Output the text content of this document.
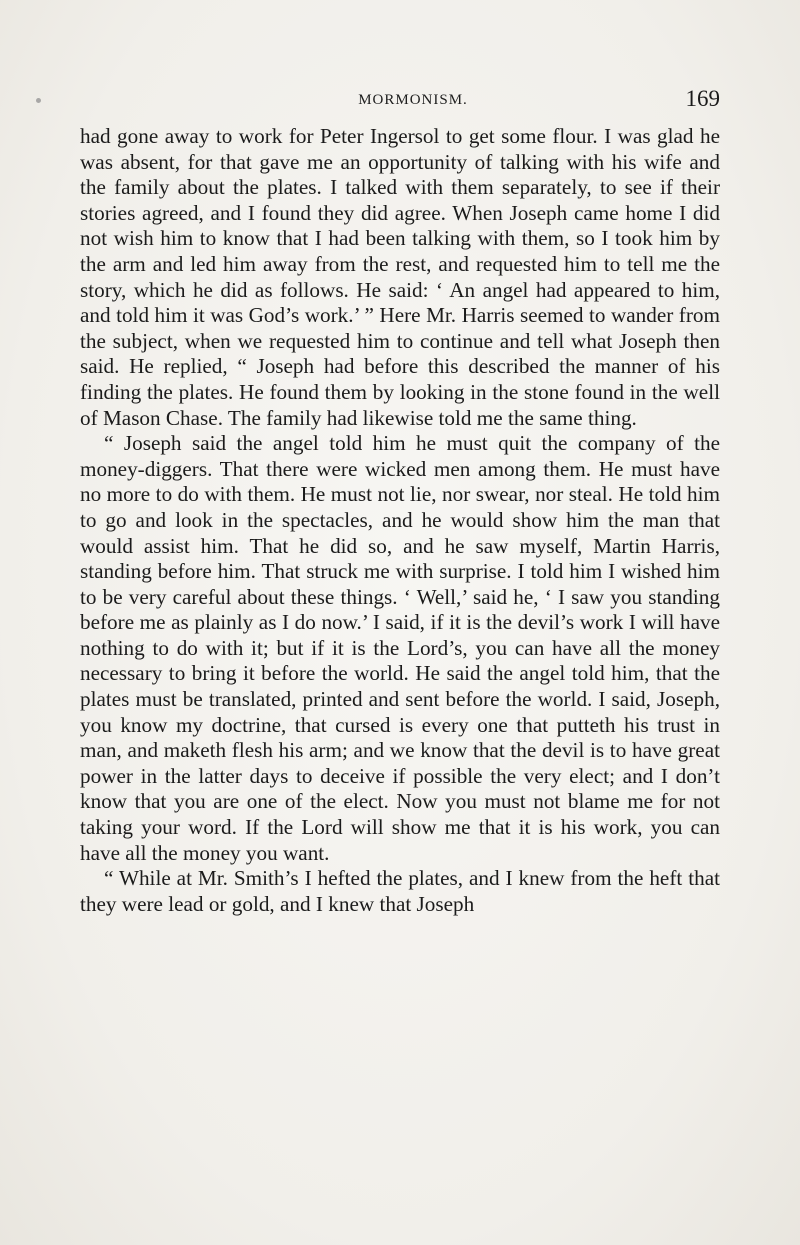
MORMONISM.	169

had gone away to work for Peter Ingersol to get some flour. I was glad he was absent, for that gave me an opportunity of talking with his wife and the family about the plates. I talked with them separately, to see if their stories agreed, and I found they did agree. When Joseph came home I did not wish him to know that I had been talking with them, so I took him by the arm and led him away from the rest, and requested him to tell me the story, which he did as follows. He said: ‘ An angel had appeared to him, and told him it was God’s work.’ ” Here Mr. Harris seemed to wander from the subject, when we requested him to continue and tell what Joseph then said. He replied, “ Joseph had before this described the manner of his finding the plates. He found them by looking in the stone found in the well of Mason Chase. The family had likewise told me the same thing.

“ Joseph said the angel told him he must quit the company of the money-diggers. That there were wicked men among them. He must have no more to do with them. He must not lie, nor swear, nor steal. He told him to go and look in the spectacles, and he would show him the man that would assist him. That he did so, and he saw myself, Martin Harris, standing before him. That struck me with surprise. I told him I wished him to be very careful about these things. ‘ Well,’ said he, ‘ I saw you standing before me as plainly as I do now.’ I said, if it is the devil’s work I will have nothing to do with it; but if it is the Lord’s, you can have all the money necessary to bring it before the world. He said the angel told him, that the plates must be translated, printed and sent before the world. I said, Joseph, you know my doctrine, that cursed is every one that putteth his trust in man, and maketh flesh his arm; and we know that the devil is to have great power in the latter days to deceive if possible the very elect; and I don’t know that you are one of the elect. Now you must not blame me for not taking your word. If the Lord will show me that it is his work, you can have all the money you want.

“ While at Mr. Smith’s I hefted the plates, and I knew from the heft that they were lead or gold, and I knew that Joseph
